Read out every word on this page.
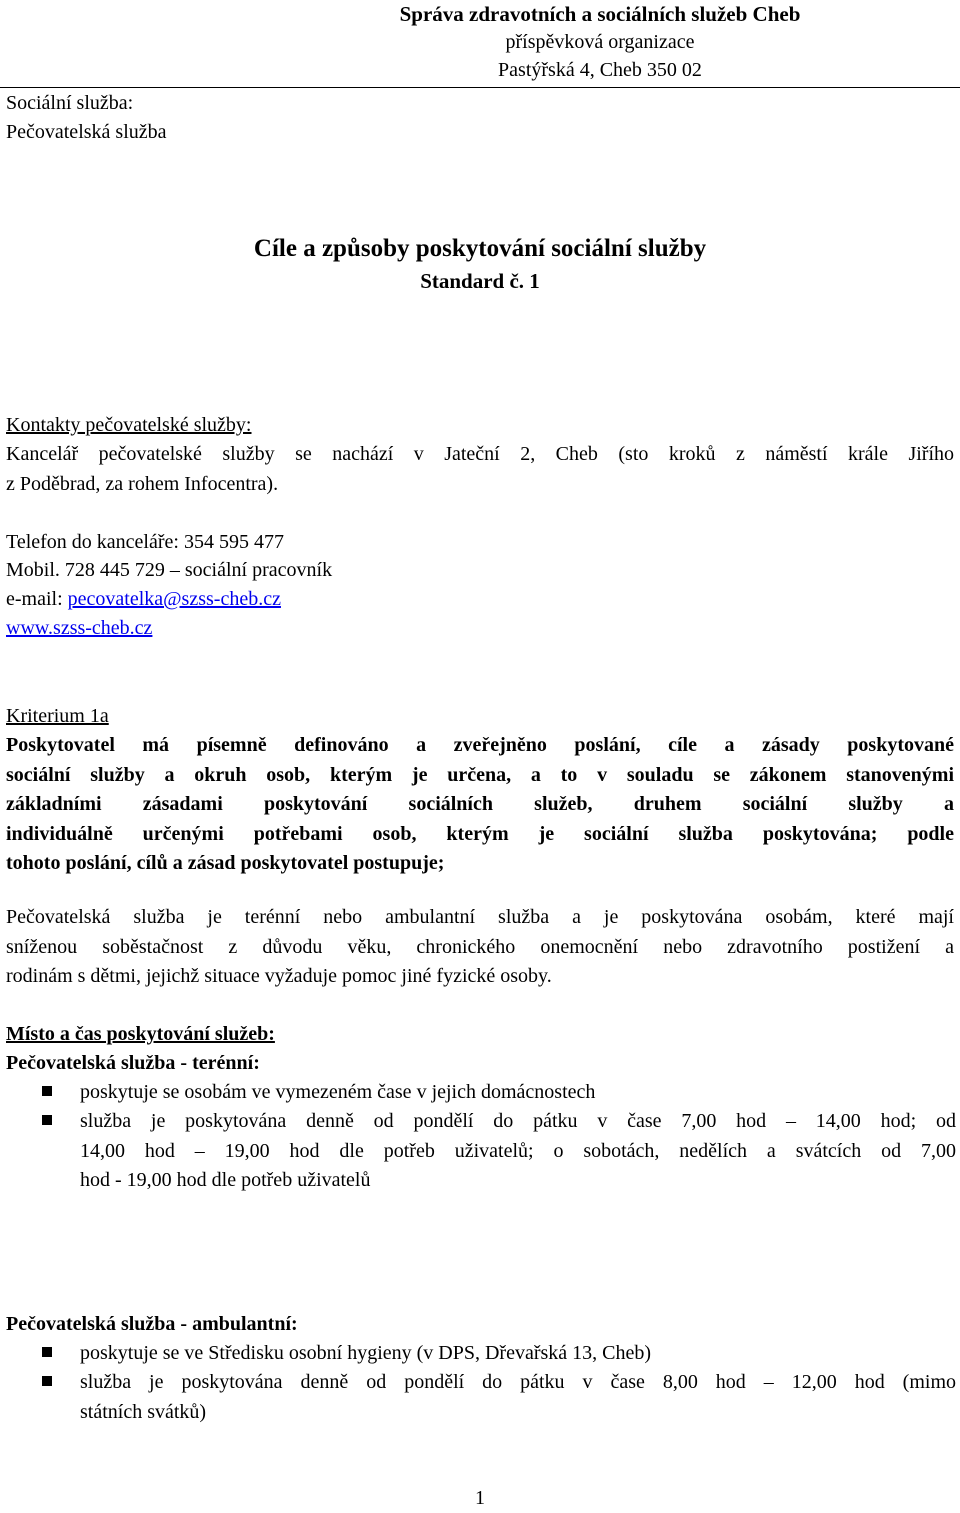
Správa zdravotních a sociálních služeb Cheb
příspěvková organizace
Pastýřská 4, Cheb 350 02
Sociální služba:
Pečovatelská služba
Cíle a způsoby poskytování sociální služby
Standard č. 1
Kontakty pečovatelské služby:
Kancelář pečovatelské služby se nachází v Jateční 2, Cheb (sto kroků z náměstí krále Jiřího
z Poděbrad, za rohem Infocentra).
Telefon do kanceláře: 354 595 477
Mobil. 728 445 729 – sociální pracovník
e-mail: pecovatelka@szss-cheb.cz
www.szss-cheb.cz
Kriterium 1a
Poskytovatel má písemně definováno a zveřejněno poslání, cíle a zásady poskytované
sociální služby a okruh osob, kterým je určena, a to v souladu se zákonem stanovenými
základními zásadami poskytování sociálních služeb, druhem sociální služby a
individuálně určenými potřebami osob, kterým je sociální služba poskytována; podle
tohoto poslání, cílů a zásad poskytovatel postupuje;
Pečovatelská služba je terénní nebo ambulantní služba a je poskytována osobám, které mají
sníženou soběstačnost z důvodu věku, chronického onemocnění nebo zdravotního postižení a
rodinám s dětmi, jejichž situace vyžaduje pomoc jiné fyzické osoby.
Místo a čas poskytování služeb:
Pečovatelská služba - terénní:
poskytuje se osobám ve vymezeném čase v jejich domácnostech
služba je poskytována denně od pondělí do pátku v čase 7,00 hod – 14,00 hod; od
14,00 hod – 19,00 hod dle potřeb uživatelů; o sobotách, nedělích a svátcích od 7,00
hod - 19,00 hod dle potřeb uživatelů
Pečovatelská služba - ambulantní:
poskytuje se ve Středisku osobní hygieny (v DPS, Dřevařská 13, Cheb)
služba je poskytována denně od pondělí do pátku v čase 8,00 hod – 12,00 hod (mimo
státních svátků)
1
